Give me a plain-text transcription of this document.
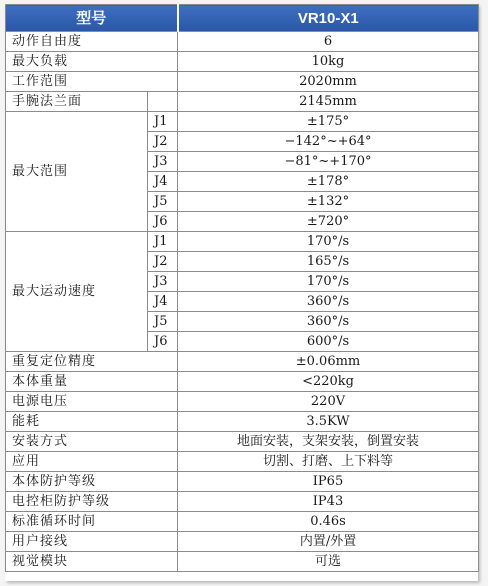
型号		VR10-X1
动作自由度		6
最大负载		10kg
工作范围		2020mm
手腕法兰面		2145mm
最大范围	J1	±175°
	J2	−142°~+64°
	J3	−81°~+170°
	J4	±178°
	J5	±132°
	J6	±720°
最大运动速度	J1	170°/s
	J2	165°/s
	J3	170°/s
	J4	360°/s
	J5	360°/s
	J6	600°/s
重复定位精度		±0.06mm
本体重量		<220kg
电源电压		220V
能耗		3.5KW
安装方式		地面安装，支架安装，倒置安装
应用		切割、打磨、上下料等
本体防护等级		IP65
电控柜防护等级		IP43
标准循环时间		0.46s
用户接线		内置/外置
视觉模块		可选
